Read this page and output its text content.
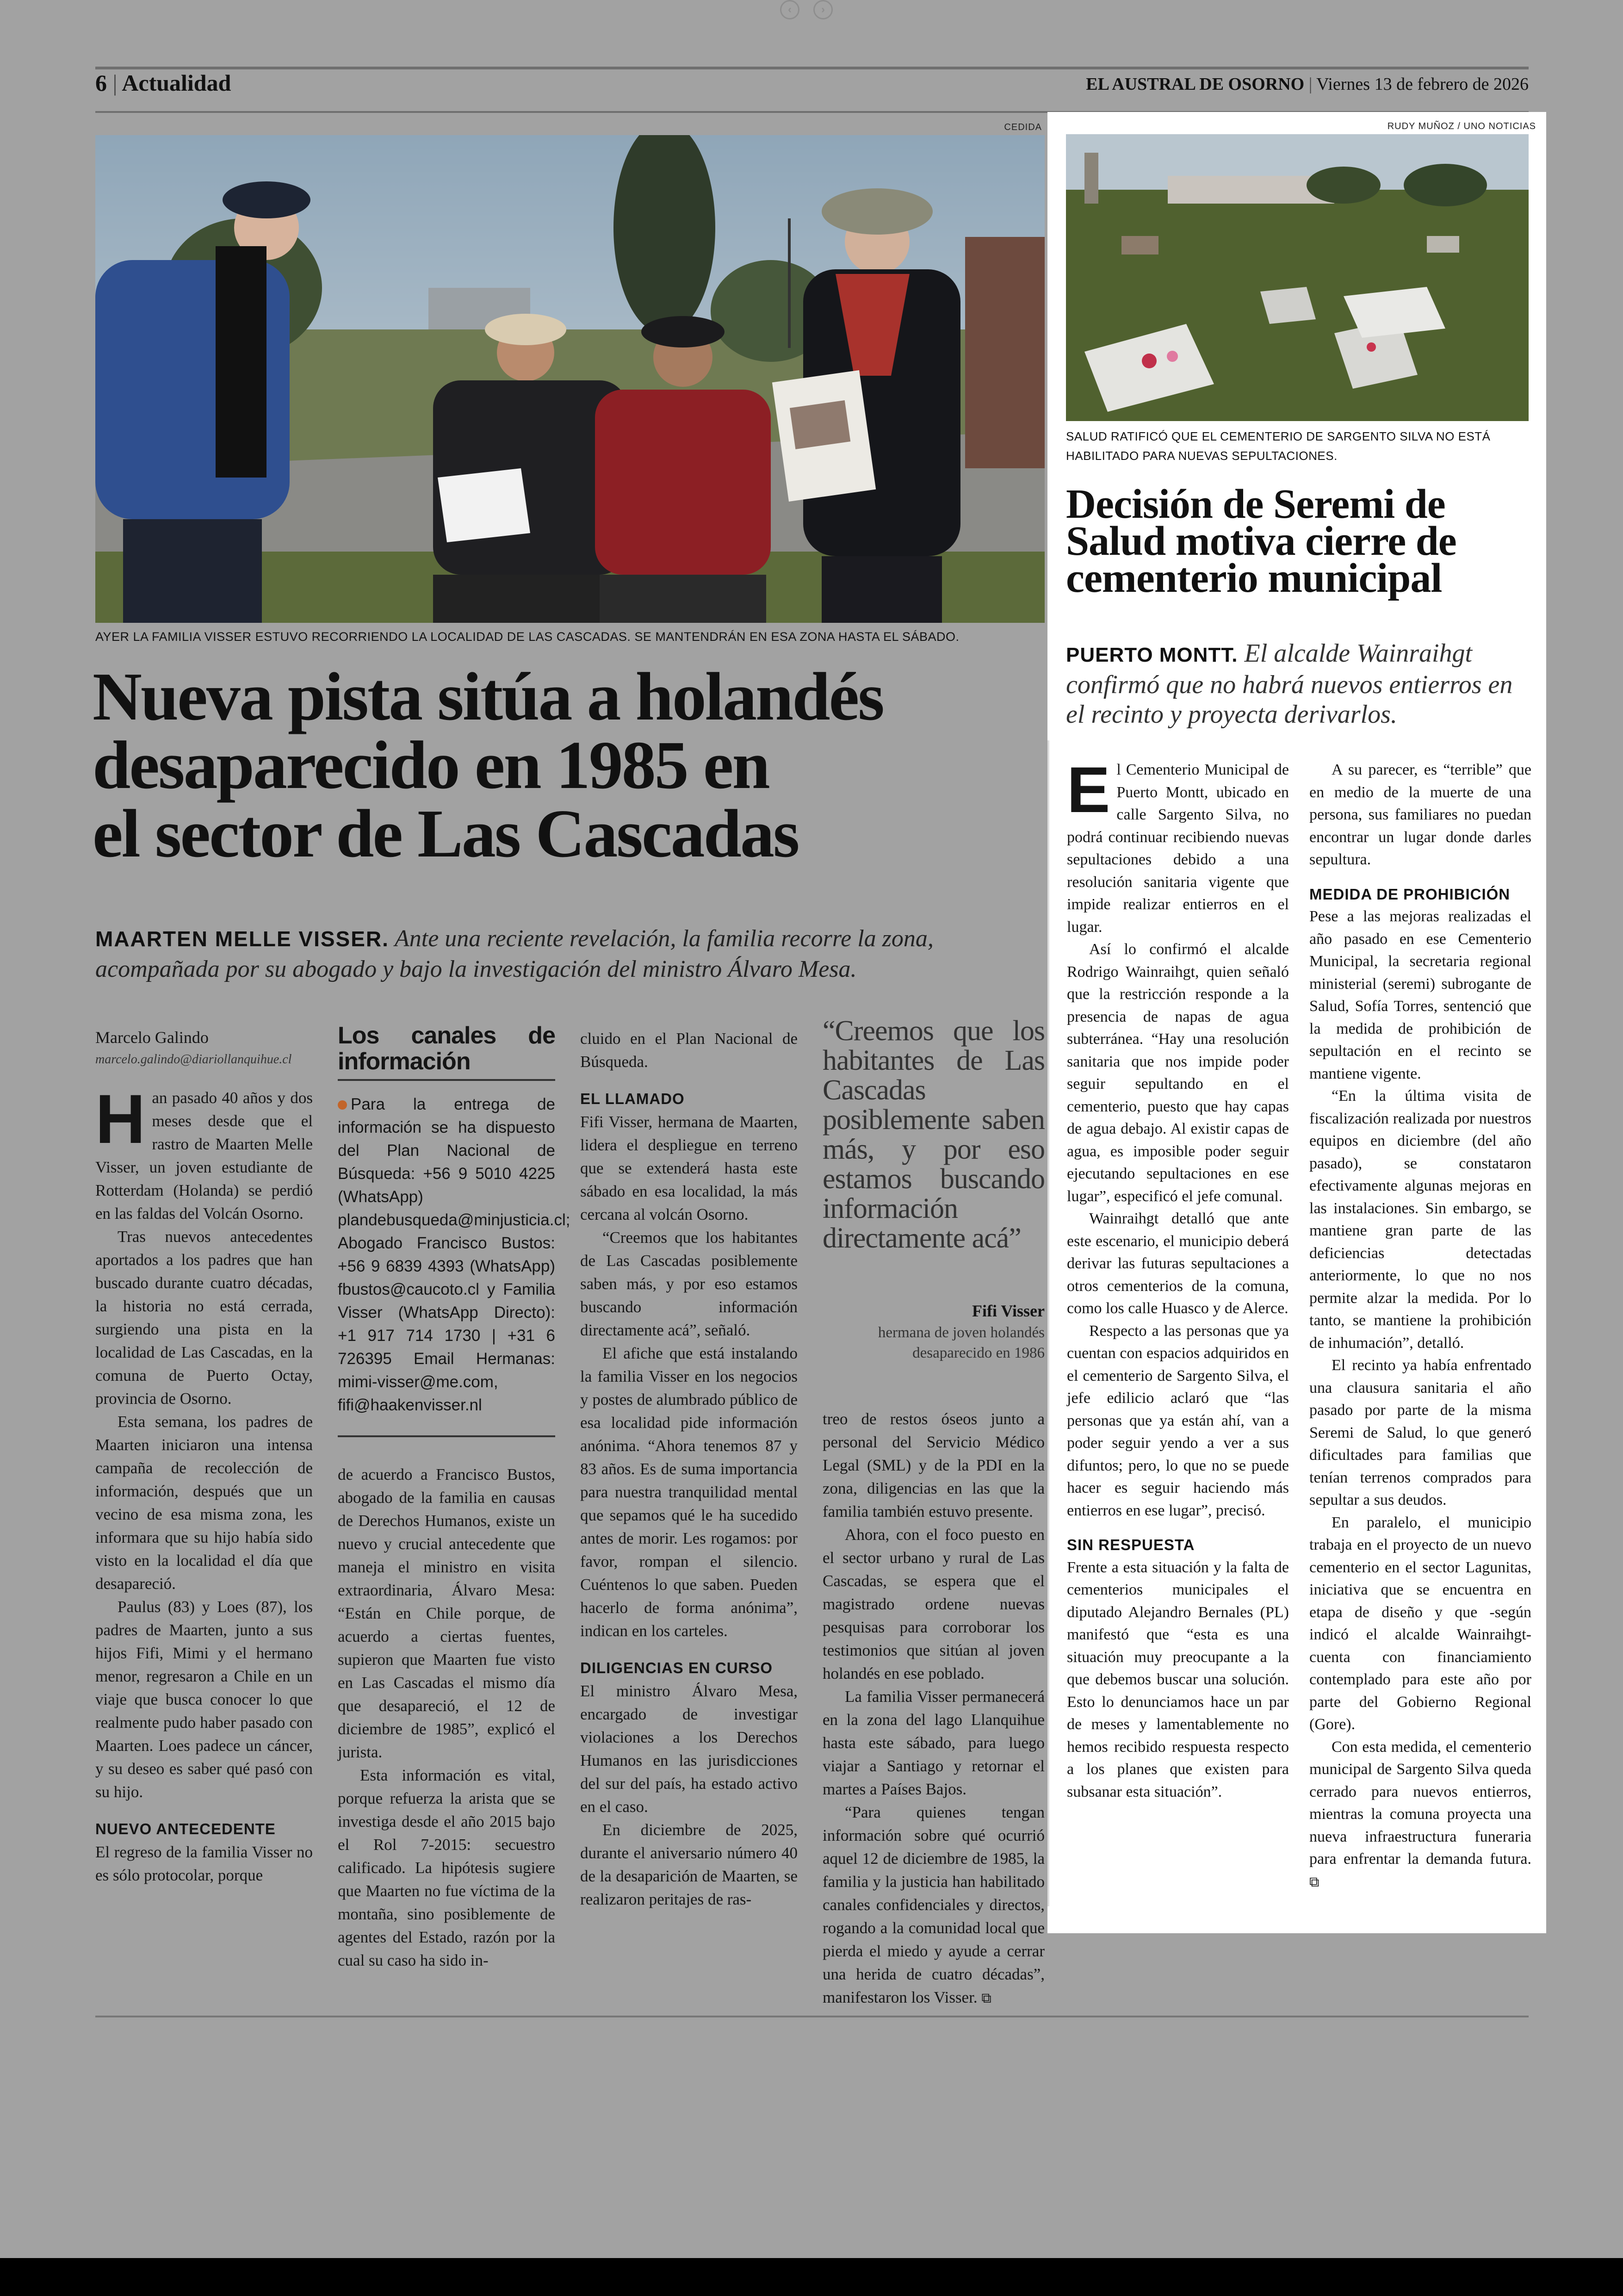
‹	›
6 | Actualidad	EL AUSTRAL DE OSORNO | Viernes 13 de febrero de 2026
CEDIDA
AYER LA FAMILIA VISSER ESTUVO RECORRIENDO LA LOCALIDAD DE LAS CASCADAS. SE MANTENDRÁN EN ESA ZONA HASTA EL SÁBADO.
Nueva pista sitúa a holandés
desaparecido en 1985 en
el sector de Las Cascadas
MAARTEN MELLE VISSER. Ante una reciente revelación, la familia recorre la zona, acompañada por su abogado y bajo la investigación del ministro Álvaro Mesa.
Marcelo Galindo
marcelo.galindo@diariollanquihue.cl

Han pasado 40 años y dos meses desde que el rastro de Maarten Melle Visser, un joven estudiante de Rotterdam (Holanda) se perdió en las faldas del Volcán Osorno.

Tras nuevos antecedentes aportados a los padres que han buscado durante cuatro décadas, la historia no está cerrada, surgiendo una pista en la localidad de Las Cascadas, en la comuna de Puerto Octay, provincia de Osorno.

Esta semana, los padres de Maarten iniciaron una intensa campaña de recolección de información, después que un vecino de esa misma zona, les informara que su hijo había sido visto en la localidad el día que desapareció.

Paulus (83) y Loes (87), los padres de Maarten, junto a sus hijos Fifi, Mimi y el hermano menor, regresaron a Chile en un viaje que busca conocer lo que realmente pudo haber pasado con Maarten. Loes padece un cáncer, y su deseo es saber qué pasó con su hijo.

NUEVO ANTECEDENTE

El regreso de la familia Visser no es sólo protocolar, porque

Los canales de información
Para la entrega de información se ha dispuesto del Plan Nacional de Búsqueda: +56 9 5010 4225 (WhatsApp) plandebusqueda@minjusticia.cl; Abogado Francisco Bustos: +56 9 6839 4393 (WhatsApp) fbustos@caucoto.cl y Familia Visser (WhatsApp Directo): +1 917 714 1730 | +31 6 726395 Email Hermanas: mimi-visser@me.com, fifi@haakenvisser.nl

de acuerdo a Francisco Bustos, abogado de la familia en causas de Derechos Humanos, existe un nuevo y crucial antecedente que maneja el ministro en visita extraordinaria, Álvaro Mesa: “Están en Chile porque, de acuerdo a ciertas fuentes, supieron que Maarten fue visto en Las Cascadas el mismo día que desapareció, el 12 de diciembre de 1985”, explicó el jurista.

Esta información es vital, porque refuerza la arista que se investiga desde el año 2015 bajo el Rol 7-2015: secuestro calificado. La hipótesis sugiere que Maarten no fue víctima de la montaña, sino posiblemente de agentes del Estado, razón por la cual su caso ha sido in-

cluido en el Plan Nacional de Búsqueda.

EL LLAMADO

Fifi Visser, hermana de Maarten, lidera el despliegue en terreno que se extenderá hasta este sábado en esa localidad, la más cercana al volcán Osorno.

“Creemos que los habitantes de Las Cascadas posiblemente saben más, y por eso estamos buscando información directamente acá”, señaló.

El afiche que está instalando la familia Visser en los negocios y postes de alumbrado público de esa localidad pide información anónima. “Ahora tenemos 87 y 83 años. Es de suma importancia para nuestra tranquilidad mental que sepamos qué le ha sucedido antes de morir. Les rogamos: por favor, rompan el silencio. Cuéntenos lo que saben. Pueden hacerlo de forma anónima”, indican en los carteles.

DILIGENCIAS EN CURSO

El ministro Álvaro Mesa, encargado de investigar violaciones a los Derechos Humanos en las jurisdicciones del sur del país, ha estado activo en el caso.

En diciembre de 2025, durante el aniversario número 40 de la desaparición de Maarten, se realizaron peritajes de ras-

“Creemos que los habitantes de Las Cascadas posiblemente saben más, y por eso estamos buscando información directamente acá”
Fifi Visser
hermana de joven holandés desaparecido en 1986

treo de restos óseos junto a personal del Servicio Médico Legal (SML) y de la PDI en la zona, diligencias en las que la familia también estuvo presente.

Ahora, con el foco puesto en el sector urbano y rural de Las Cascadas, se espera que el magistrado ordene nuevas pesquisas para corroborar los testimonios que sitúan al joven holandés en ese poblado.

La familia Visser permanecerá en la zona del lago Llanquihue hasta este sábado, para luego viajar a Santiago y retornar el martes a Países Bajos.

“Para quienes tengan información sobre qué ocurrió aquel 12 de diciembre de 1985, la familia y la justicia han habilitado canales confidenciales y directos, rogando a la comunidad local que pierda el miedo y ayude a cerrar una herida de cuatro décadas”, manifestaron los Visser. ⧉

RUDY MUÑOZ / UNO NOTICIAS
SALUD RATIFICÓ QUE EL CEMENTERIO DE SARGENTO SILVA NO ESTÁ HABILITADO PARA NUEVAS SEPULTACIONES.
Decisión de Seremi de Salud motiva cierre de cementerio municipal
PUERTO MONTT. El alcalde Wainraihgt confirmó que no habrá nuevos entierros en el recinto y proyecta derivarlos.

El Cementerio Municipal de Puerto Montt, ubicado en calle Sargento Silva, no podrá continuar recibiendo nuevas sepultaciones debido a una resolución sanitaria vigente que impide realizar entierros en el lugar.

Así lo confirmó el alcalde Rodrigo Wainraihgt, quien señaló que la restricción responde a la presencia de napas de agua subterránea. “Hay una resolución sanitaria que nos impide poder seguir sepultando en el cementerio, puesto que hay capas de agua debajo. Al existir capas de agua, es imposible poder seguir ejecutando sepultaciones en ese lugar”, especificó el jefe comunal.

Wainraihgt detalló que ante este escenario, el municipio deberá derivar las futuras sepultaciones a otros cementerios de la comuna, como los calle Huasco y de Alerce.

Respecto a las personas que ya cuentan con espacios adquiridos en el cementerio de Sargento Silva, el jefe edilicio aclaró que “las personas que ya están ahí, van a poder seguir yendo a ver a sus difuntos; pero, lo que no se puede hacer es seguir haciendo más entierros en ese lugar”, precisó.

SIN RESPUESTA

Frente a esta situación y la falta de cementerios municipales el diputado Alejandro Bernales (PL) manifestó que “esta es una situación muy preocupante a la que debemos buscar una solución. Esto lo denunciamos hace un par de meses y lamentablemente no hemos recibido respuesta respecto a los planes que existen para subsanar esta situación”.

A su parecer, es “terrible” que en medio de la muerte de una persona, sus familiares no puedan encontrar un lugar donde darles sepultura.

MEDIDA DE PROHIBICIÓN

Pese a las mejoras realizadas el año pasado en ese Cementerio Municipal, la secretaria regional ministerial (seremi) subrogante de Salud, Sofía Torres, sentenció que la medida de prohibición de sepultación en el recinto se mantiene vigente.

“En la última visita de fiscalización realizada por nuestros equipos en diciembre (del año pasado), se constataron efectivamente algunas mejoras en las instalaciones. Sin embargo, se mantiene gran parte de las deficiencias detectadas anteriormente, lo que no nos permite alzar la medida. Por lo tanto, se mantiene la prohibición de inhumación”, detalló.

El recinto ya había enfrentado una clausura sanitaria el año pasado por parte de la misma Seremi de Salud, lo que generó dificultades para familias que tenían terrenos comprados para sepultar a sus deudos.

En paralelo, el municipio trabaja en el proyecto de un nuevo cementerio en el sector Lagunitas, iniciativa que se encuentra en etapa de diseño y que -según indicó el alcalde Wainraihgt- cuenta con financiamiento contemplado para este año por parte del Gobierno Regional (Gore).

Con esta medida, el cementerio municipal de Sargento Silva queda cerrado para nuevos entierros, mientras la comuna proyecta una nueva infraestructura funeraria para enfrentar la demanda futura. ⧉
